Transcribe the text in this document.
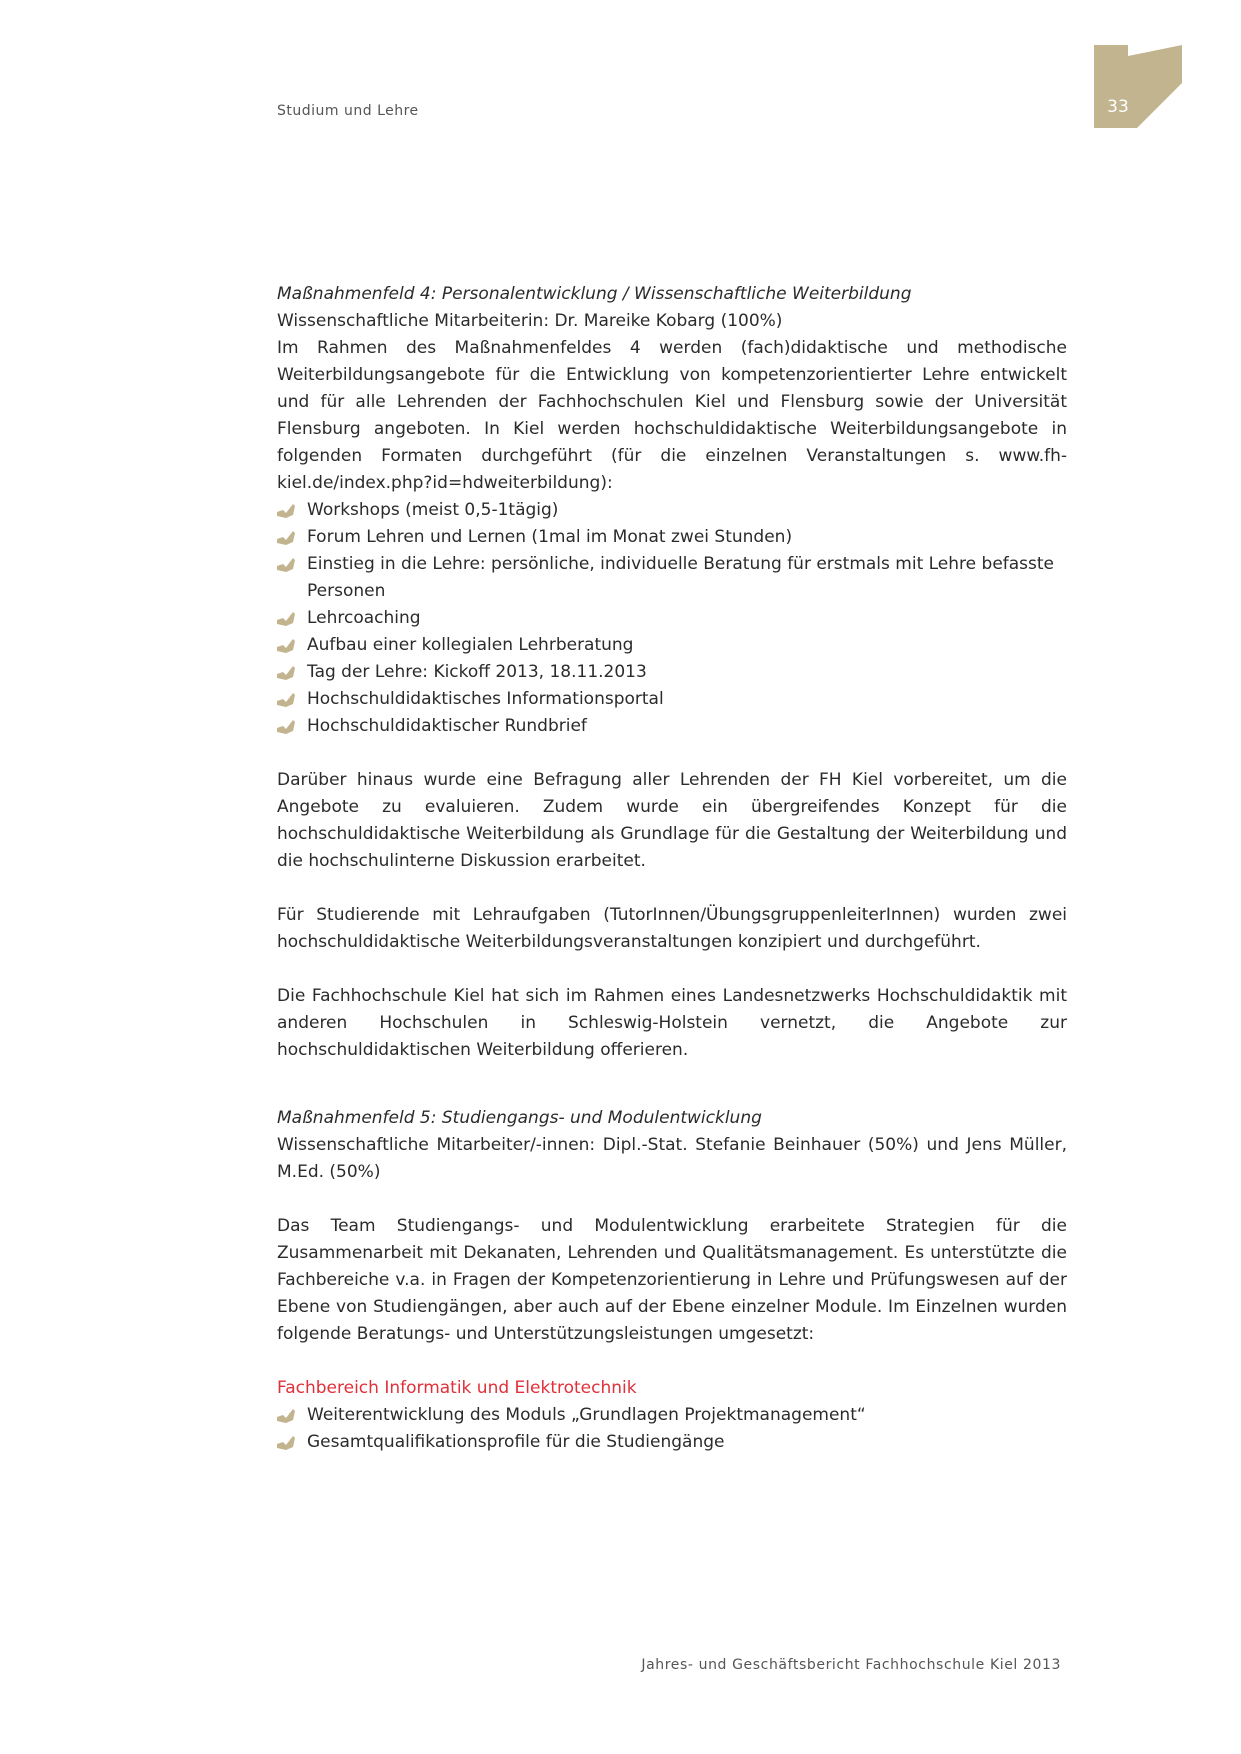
Studium und Lehre	33

Maßnahmenfeld 4: Personalentwicklung / Wissenschaftliche Weiterbildung

Wissenschaftliche Mitarbeiterin: Dr. Mareike Kobarg (100%)

Im Rahmen des Maßnahmenfeldes 4 werden (fach)didaktische und methodische Weiterbildungsangebote für die Entwicklung von kompetenzorientierter Lehre entwickelt und für alle Lehrenden der Fachhochschulen Kiel und Flensburg sowie der Universität Flensburg angeboten. In Kiel werden hochschuldidaktische Weiterbildungsangebote in folgenden Formaten durchgeführt (für die einzelnen Veranstaltungen s. www.fh-kiel.de/index.php?id=hdweiterbildung):

Workshops (meist 0,5-1tägig)
Forum Lehren und Lernen (1mal im Monat zwei Stunden)
Einstieg in die Lehre: persönliche, individuelle Beratung für erstmals mit Lehre befasste Personen
Lehrcoaching
Aufbau einer kollegialen Lehrberatung
Tag der Lehre: Kickoff 2013, 18.11.2013
Hochschuldidaktisches Informationsportal
Hochschuldidaktischer Rundbrief

Darüber hinaus wurde eine Befragung aller Lehrenden der FH Kiel vorbereitet, um die Angebote zu evaluieren. Zudem wurde ein übergreifendes Konzept für die hochschuldidaktische Weiterbildung als Grundlage für die Gestaltung der Weiterbildung und die hochschulinterne Diskussion erarbeitet.

Für Studierende mit Lehraufgaben (TutorInnen/ÜbungsgruppenleiterInnen) wurden zwei hochschuldidaktische Weiterbildungsveranstaltungen konzipiert und durchgeführt.

Die Fachhochschule Kiel hat sich im Rahmen eines Landesnetzwerks Hochschuldidaktik mit anderen Hochschulen in Schleswig-Holstein vernetzt, die Angebote zur hochschuldidaktischen Weiterbildung offerieren.

Maßnahmenfeld 5: Studiengangs- und Modulentwicklung

Wissenschaftliche Mitarbeiter/-innen: Dipl.-Stat. Stefanie Beinhauer (50%) und Jens Müller, M.Ed. (50%)

Das Team Studiengangs- und Modulentwicklung erarbeitete Strategien für die Zusammenarbeit mit Dekanaten, Lehrenden und Qualitätsmanagement. Es unterstützte die Fachbereiche v.a. in Fragen der Kompetenzorientierung in Lehre und Prüfungswesen auf der Ebene von Studiengängen, aber auch auf der Ebene einzelner Module. Im Einzelnen wurden folgende Beratungs- und Unterstützungsleistungen umgesetzt:

Fachbereich Informatik und Elektrotechnik

Weiterentwicklung des Moduls „Grundlagen Projektmanagement“
Gesamtqualifikationsprofile für die Studiengänge
Jahres- und Geschäftsbericht Fachhochschule Kiel 2013
